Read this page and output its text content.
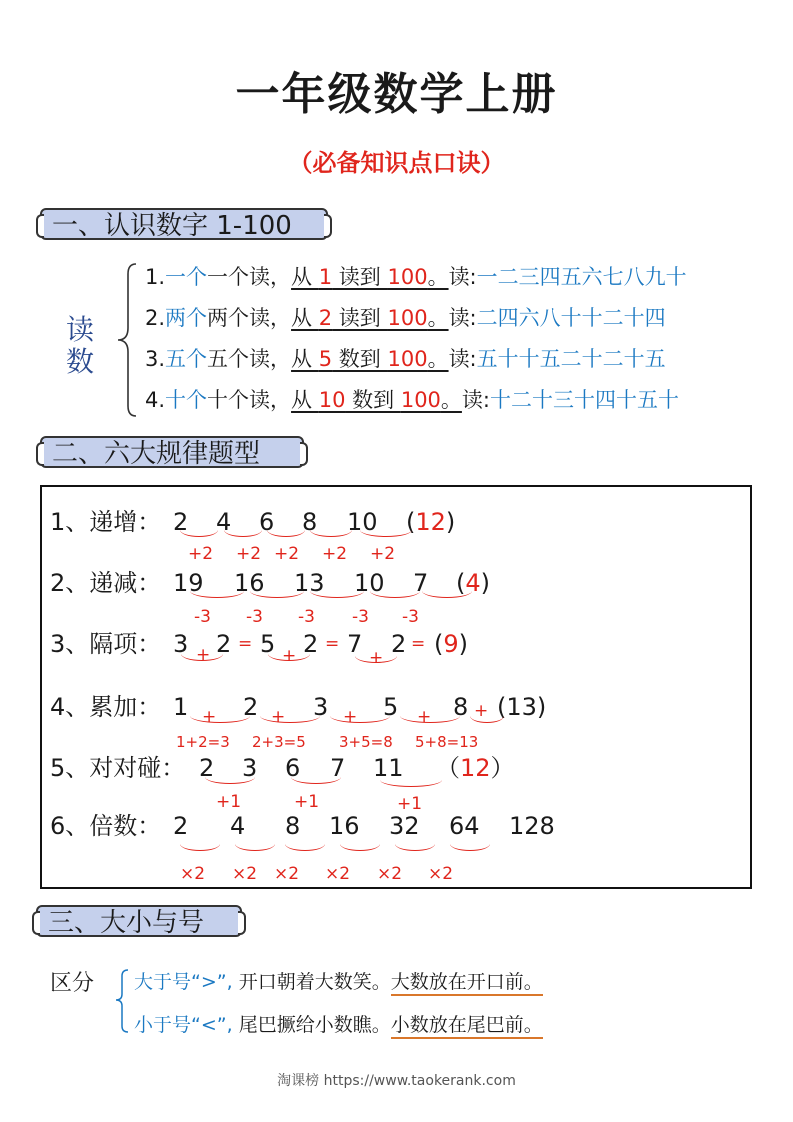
一年级数学上册
（必备知识点口诀）
一、认识数字 1-100
读
数
1.一个一个读，从 1 读到 100。读:一二三四五六七八九十
2.两个两个读，从 2 读到 100。读:二四六八十十二十四
3.五个五个读，从 5 数到 100。读:五十十五二十二十五
4.十个十个读，从 10 数到 100。读:十二十三十四十五十
二、六大规律题型
1、递增： 2 4 6 8 10 (12)
+2 +2 +2 +2 +2
2、递减： 19 16 13 10 7 (4)
-3 -3 -3 -3 -3
3、隔项： 3 2 5 2 7 2 (9)
+
=
+
=
+
=
4、累加： 1 2 3 5 8 (13)
+	+	+	+	+
1+2=3 2+3=5 3+5=8 5+8=13
5、对对碰： 2 3 6 7 11 （12）
+1	+1	+1
6、倍数： 2 4 8 16 32 64 128
×2 ×2 ×2 ×2 ×2 ×2
三、大小与号
区分 大于号“>”, 开口朝着大数笑。大数放在开口前。
小于号“<”, 尾巴撅给小数瞧。小数放在尾巴前。
淘课榜 https://www.taokerank.com
